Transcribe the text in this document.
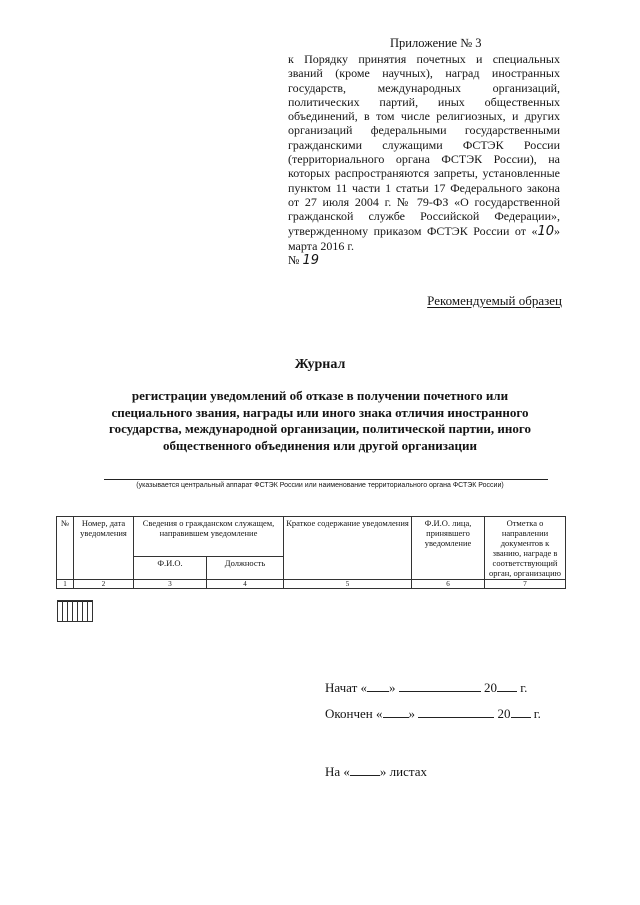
Приложение № 3
к Порядку принятия почетных и специальных званий (кроме научных), наград иностранных государств, международных организаций, политических партий, иных общественных объединений, в том числе религиозных, и других организаций федеральными государственными гражданскими служащими ФСТЭК России (территориального органа ФСТЭК России), на которых распространяются запреты, установленные пунктом 11 части 1 статьи 17 Федерального закона от 27 июля 2004 г. № 79-ФЗ «О государственной гражданской службе Российской Федерации», утвержденному приказом ФСТЭК России от «10» марта 2016 г.
№ 19
Рекомендуемый образец
Журнал
регистрации уведомлений об отказе в получении почетного или специального звания, награды или иного знака отличия иностранного государства, международной организации, политической партии, иного общественного объединения или другой организации
(указывается центральный аппарат ФСТЭК России или наименование территориального органа ФСТЭК России)
№	Номер, дата уведомления	Сведения о гражданском служащем, направившем уведомление	Краткое содержание уведомления	Ф.И.О. лица, принявшего уведомление	Отметка о направлении документов к званию, награде в соответствующий орган, организацию
Ф.И.О.	Должность
1	2	3	4	5	6	7

Начат « »	20 г.
Окончен « »	20 г.
На « » листах
